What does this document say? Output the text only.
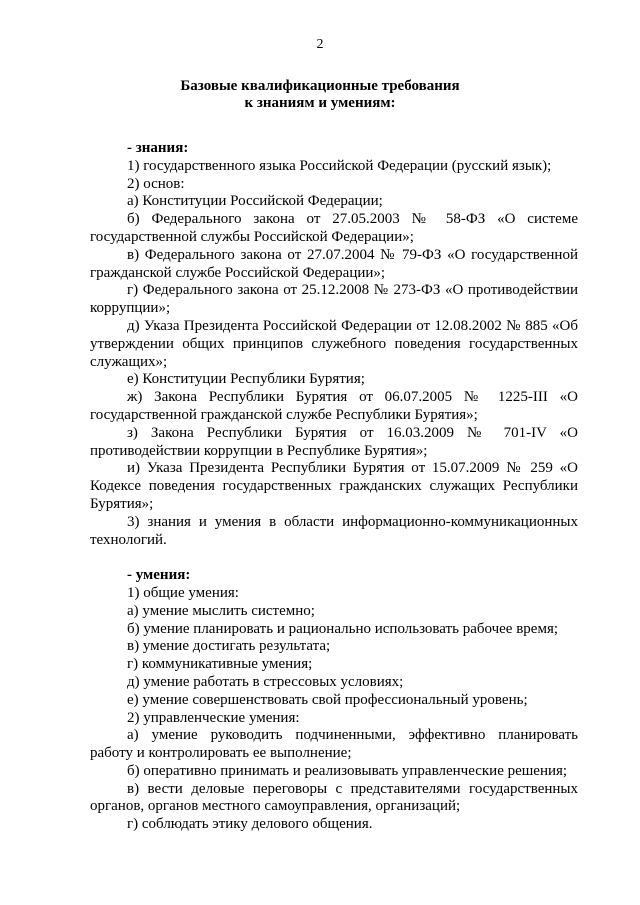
2
Базовые квалификационные требования
к знаниям и умениям:
- знания:

1) государственного языка Российской Федерации (русский язык);

2) основ:

а) Конституции Российской Федерации;

б) Федерального закона от 27.05.2003 № 58-ФЗ «О системе государственной службы Российской Федерации»;

в) Федерального закона от 27.07.2004 № 79-ФЗ «О государственной гражданской службе Российской Федерации»;

г) Федерального закона от 25.12.2008 № 273-ФЗ «О противодействии коррупции»;

д) Указа Президента Российской Федерации от 12.08.2002 № 885 «Об утверждении общих принципов служебного поведения государственных служащих»;

е) Конституции Республики Бурятия;

ж) Закона Республики Бурятия от 06.07.2005 № 1225-III «О государственной гражданской службе Республики Бурятия»;

з) Закона Республики Бурятия от 16.03.2009 № 701-IV «О противодействии коррупции в Республике Бурятия»;

и) Указа Президента Республики Бурятия от 15.07.2009 № 259 «О Кодексе поведения государственных гражданских служащих Республики Бурятия»;

3) знания и умения в области информационно-коммуникационных технологий.

- умения:

1) общие умения:

а) умение мыслить системно;

б) умение планировать и рационально использовать рабочее время;

в) умение достигать результата;

г) коммуникативные умения;

д) умение работать в стрессовых условиях;

е) умение совершенствовать свой профессиональный уровень;

2) управленческие умения:

а) умение руководить подчиненными, эффективно планировать работу и контролировать ее выполнение;

б) оперативно принимать и реализовывать управленческие решения;

в) вести деловые переговоры с представителями государственных органов, органов местного самоуправления, организаций;

г) соблюдать этику делового общения.
